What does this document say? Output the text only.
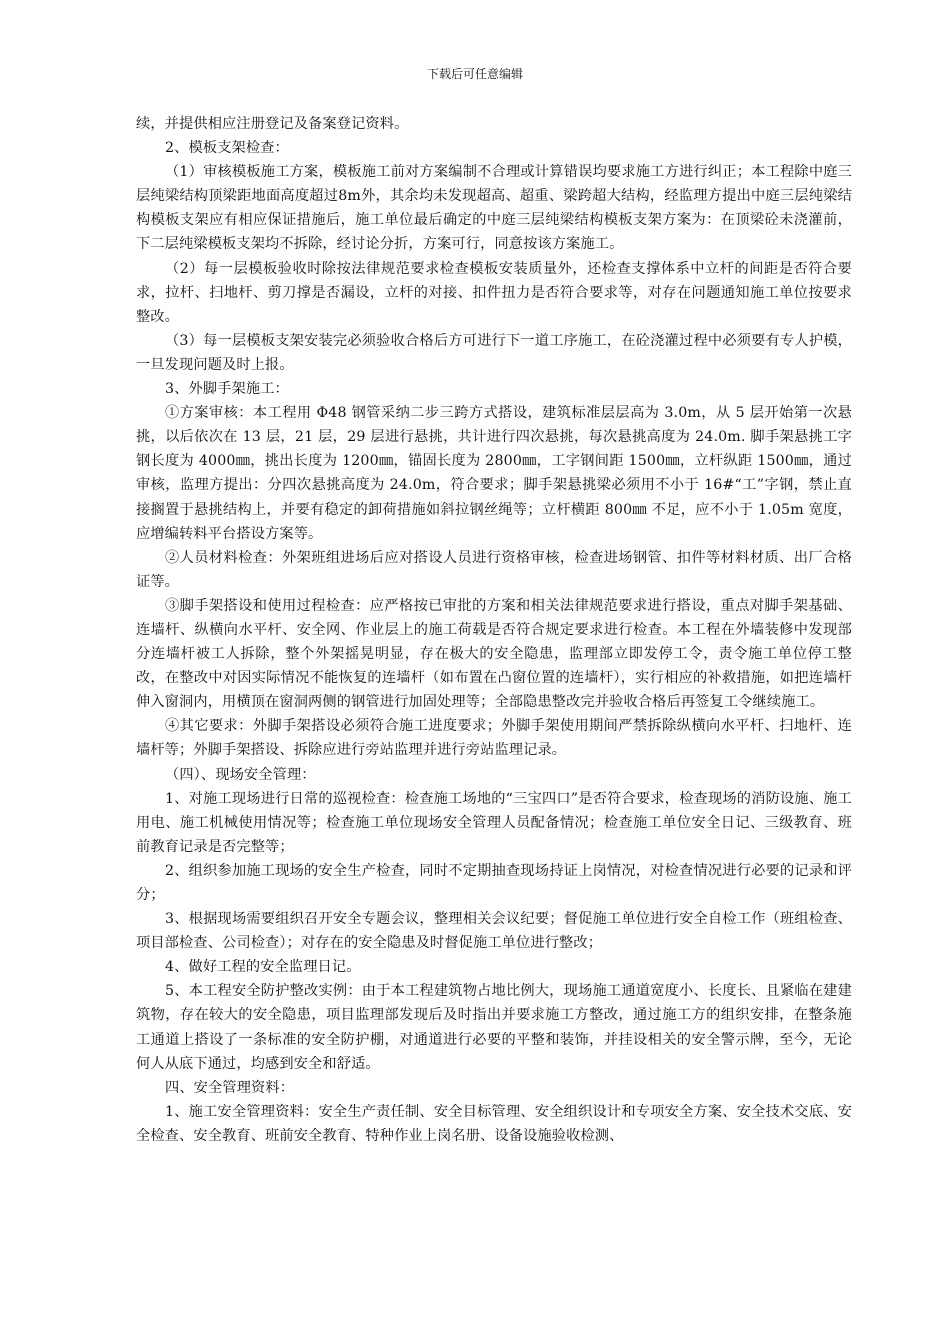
下载后可任意编辑

续，并提供相应注册登记及备案登记资料。

2、模板支架检查：

（1）审核模板施工方案，模板施工前对方案编制不合理或计算错误均要求施工方进行纠正；本工程除中庭三层纯梁结构顶梁距地面高度超过8m外，其余均未发现超高、超重、梁跨超大结构，经监理方提出中庭三层纯梁结构模板支架应有相应保证措施后，施工单位最后确定的中庭三层纯梁结构模板支架方案为：在顶梁砼未浇灌前，下二层纯梁模板支架均不拆除，经讨论分折，方案可行，同意按该方案施工。

（2）每一层模板验收时除按法律规范要求检查模板安装质量外，还检查支撑体系中立杆的间距是否符合要求，拉杆、扫地杆、剪刀撑是否漏设，立杆的对接、扣件扭力是否符合要求等，对存在问题通知施工单位按要求整改。

（3）每一层模板支架安装完必须验收合格后方可进行下一道工序施工，在砼浇灌过程中必须要有专人护模，一旦发现问题及时上报。

3、外脚手架施工：

①方案审核：本工程用 Φ48 钢管采纳二步三跨方式搭设，建筑标准层层高为 3.0m，从 5 层开始第一次悬挑，以后依次在 13 层，21 层，29 层进行悬挑，共计进行四次悬挑，每次悬挑高度为 24.0m. 脚手架悬挑工字钢长度为 4000㎜，挑出长度为 1200㎜，锚固长度为 2800㎜，工字钢间距 1500㎜，立杆纵距 1500㎜，通过审核，监理方提出：分四次悬挑高度为 24.0m，符合要求；脚手架悬挑梁必须用不小于 16#“工”字钢，禁止直接搁置于悬挑结构上，并要有稳定的卸荷措施如斜拉钢丝绳等；立杆横距 800㎜ 不足，应不小于 1.05m 宽度，应增编转料平台搭设方案等。

②人员材料检查：外架班组进场后应对搭设人员进行资格审核，检查进场钢管、扣件等材料材质、出厂合格证等。

③脚手架搭设和使用过程检查：应严格按已审批的方案和相关法律规范要求进行搭设，重点对脚手架基础、连墙杆、纵横向水平杆、安全网、作业层上的施工荷载是否符合规定要求进行检查。本工程在外墙装修中发现部分连墙杆被工人拆除，整个外架摇晃明显，存在极大的安全隐患，监理部立即发停工令，责令施工单位停工整改，在整改中对因实际情况不能恢复的连墙杆（如布置在凸窗位置的连墙杆），实行相应的补救措施，如把连墙杆伸入窗洞内，用横顶在窗洞两侧的钢管进行加固处理等；全部隐患整改完并验收合格后再签复工令继续施工。

④其它要求：外脚手架搭设必须符合施工进度要求；外脚手架使用期间严禁拆除纵横向水平杆、扫地杆、连墙杆等；外脚手架搭设、拆除应进行旁站监理并进行旁站监理记录。

（四）、现场安全管理：

1、对施工现场进行日常的巡视检查：检查施工场地的“三宝四口”是否符合要求，检查现场的消防设施、施工用电、施工机械使用情况等；检查施工单位现场安全管理人员配备情况；检查施工单位安全日记、三级教育、班前教育记录是否完整等；

2、组织参加施工现场的安全生产检查，同时不定期抽查现场持证上岗情况，对检查情况进行必要的记录和评分；

3、根据现场需要组织召开安全专题会议，整理相关会议纪要；督促施工单位进行安全自检工作（班组检查、项目部检查、公司检查）；对存在的安全隐患及时督促施工单位进行整改；

4、做好工程的安全监理日记。

5、本工程安全防护整改实例：由于本工程建筑物占地比例大，现场施工通道宽度小、长度长、且紧临在建建筑物，存在较大的安全隐患，项目监理部发现后及时指出并要求施工方整改，通过施工方的组织安排，在整条施工通道上搭设了一条标准的安全防护棚，对通道进行必要的平整和装饰，并挂设相关的安全警示牌，至今，无论何人从底下通过，均感到安全和舒适。

四、安全管理资料：

1、施工安全管理资料：安全生产责任制、安全目标管理、安全组织设计和专项安全方案、安全技术交底、安全检查、安全教育、班前安全教育、特种作业上岗名册、设备设施验收检测、
